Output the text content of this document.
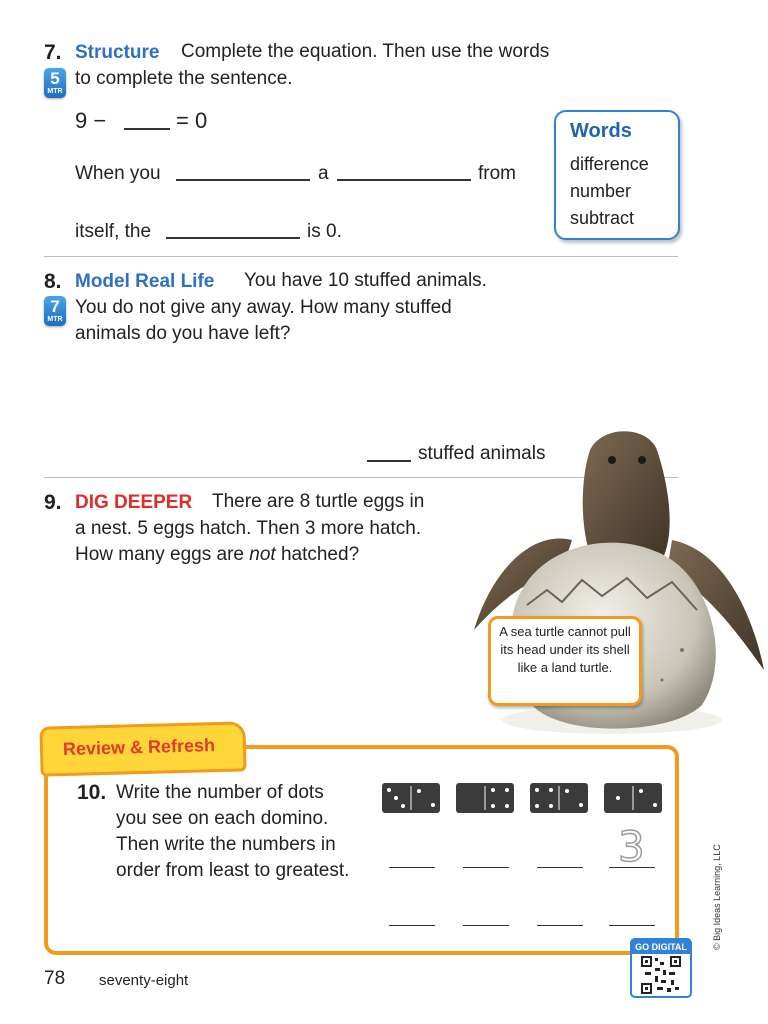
7. Structure Complete the equation. Then use the words
to complete the sentence.
5
MTR
9 −	= 0
When you	a	from
itself, the	is 0.
Words
difference
number
subtract
8. Model Real Life You have 10 stuffed animals.
You do not give any away. How many stuffed
animals do you have left?
7
MTR
stuffed animals
9. DIG DEEPER There are 8 turtle eggs in
a nest. 5 eggs hatch. Then 3 more hatch.
How many eggs are not hatched?
A sea turtle cannot pull its head under its shell like a land turtle.
Review & Refresh
10. Write the number of dots
you see on each domino.
Then write the numbers in
order from least to greatest.	3
GO DIGITAL	© Big Ideas Learning, LLC
78 seventy-eight
